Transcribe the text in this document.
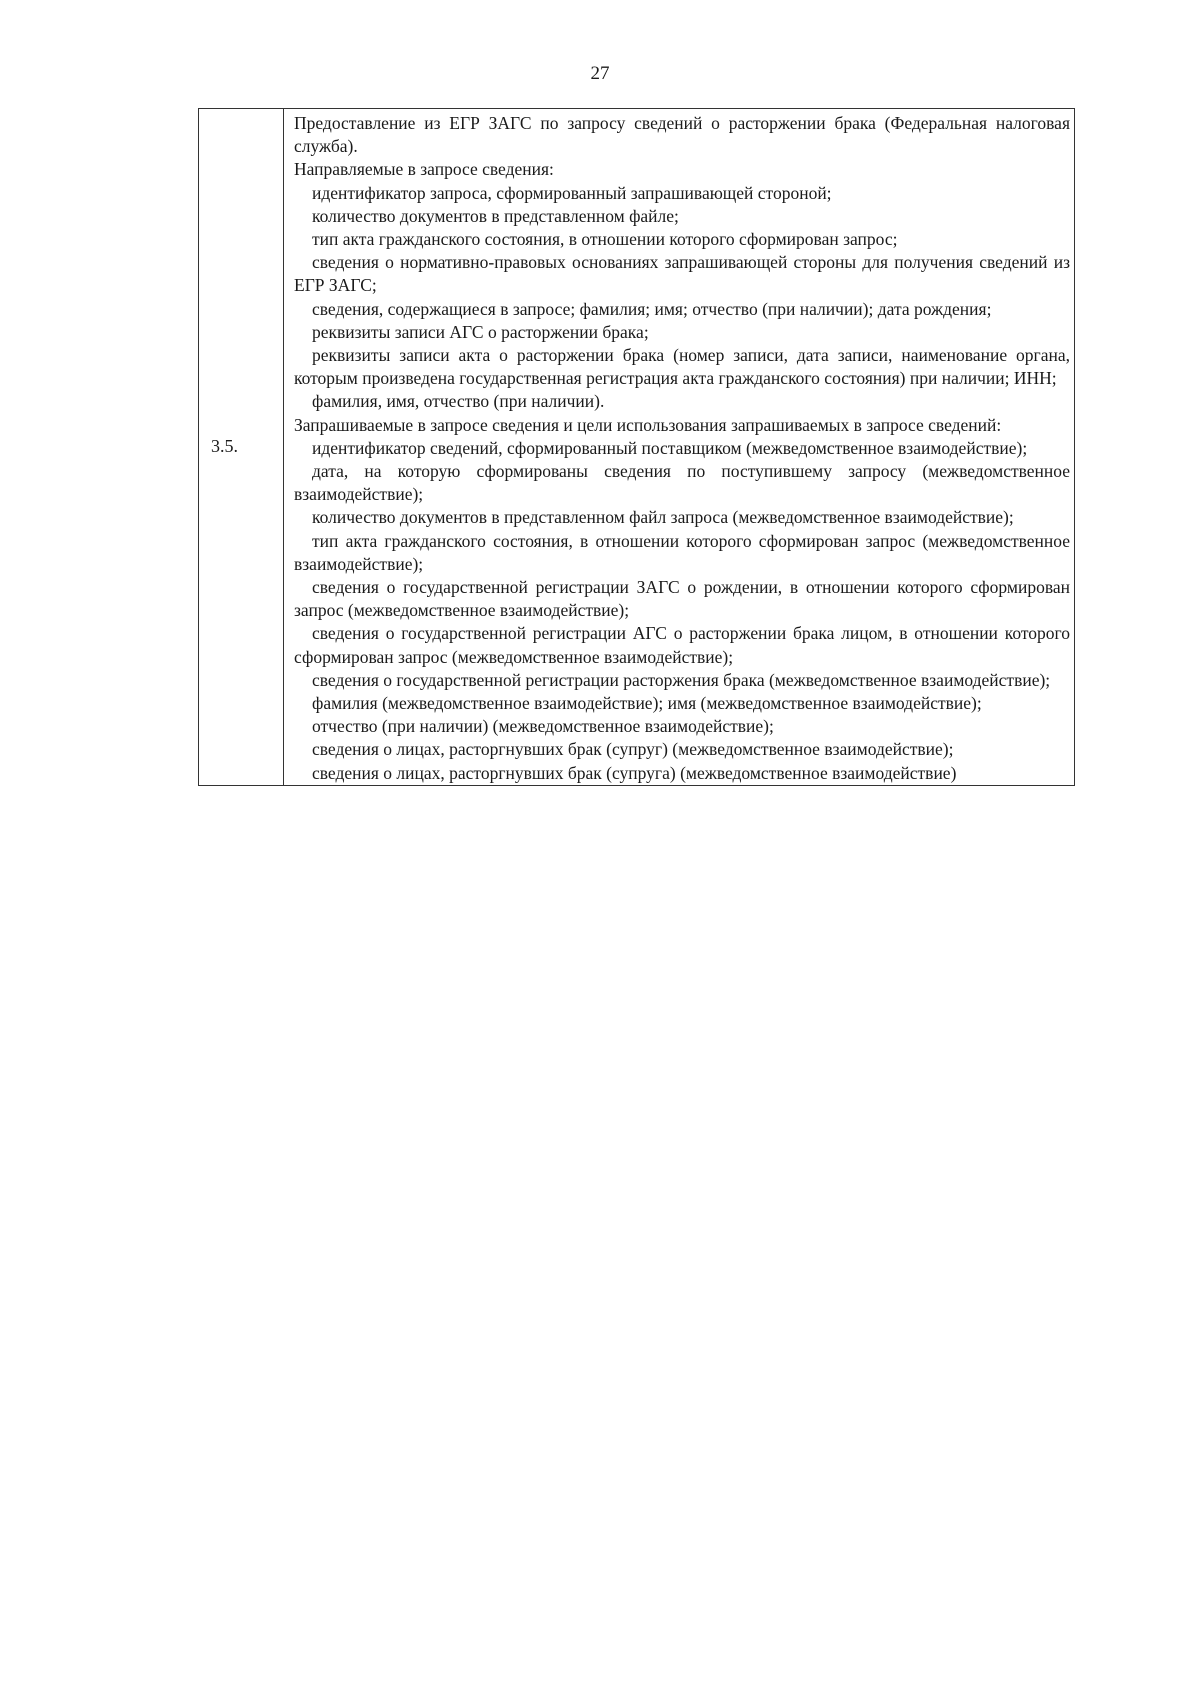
27
3.5.	

Предоставление из ЕГР ЗАГС по запросу сведений о расторжении брака (Федеральная налоговая служба).

Направляемые в запросе сведения:

идентификатор запроса, сформированный запрашивающей стороной;

количество документов в представленном файле;

тип акта гражданского состояния, в отношении которого сформирован запрос;

сведения о нормативно-правовых основаниях запрашивающей стороны для получения сведений из ЕГР ЗАГС;

сведения, содержащиеся в запросе; фамилия; имя; отчество (при наличии); дата рождения;

реквизиты записи АГС о расторжении брака;

реквизиты записи акта о расторжении брака (номер записи, дата записи, наименование органа, которым произведена государственная регистрация акта гражданского состояния) при наличии; ИНН;

фамилия, имя, отчество (при наличии).

Запрашиваемые в запросе сведения и цели использования запрашиваемых в запросе сведений:

идентификатор сведений, сформированный поставщиком (межведомственное взаимодействие);

дата, на которую сформированы сведения по поступившему запросу (межведомственное взаимодействие);

количество документов в представленном файл запроса (межведомственное взаимодействие);

тип акта гражданского состояния, в отношении которого сформирован запрос (межведомственное взаимодействие);

сведения о государственной регистрации ЗАГС о рождении, в отношении которого сформирован запрос (межведомственное взаимодействие);

сведения о государственной регистрации АГС о расторжении брака лицом, в отношении которого сформирован запрос (межведомственное взаимодействие);

сведения о государственной регистрации расторжения брака (межведомственное взаимодействие);

фамилия (межведомственное взаимодействие); имя (межведомственное взаимодействие);

отчество (при наличии) (межведомственное взаимодействие);

сведения о лицах, расторгнувших брак (супруг) (межведомственное взаимодействие);

сведения о лицах, расторгнувших брак (супруга) (межведомственное взаимодействие)
